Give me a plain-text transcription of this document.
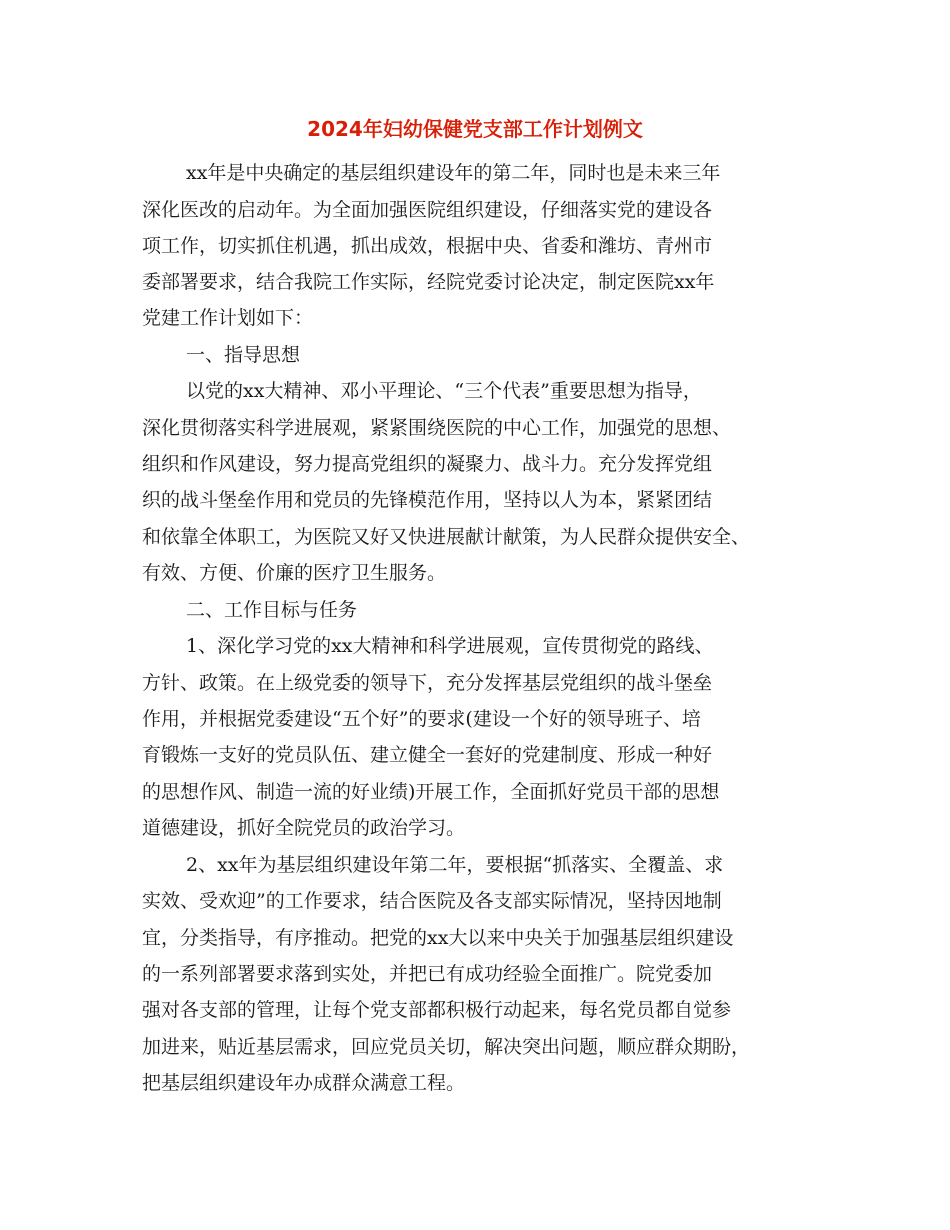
2024年妇幼保健党支部工作计划例文
xx年是中央确定的基层组织建设年的第二年，同时也是未来三年
深化医改的启动年。为全面加强医院组织建设，仔细落实党的建设各
项工作，切实抓住机遇，抓出成效，根据中央、省委和潍坊、青州市
委部署要求，结合我院工作实际，经院党委讨论决定，制定医院xx年
党建工作计划如下：
一、指导思想
以党的xx大精神、邓小平理论、“三个代表”重要思想为指导，
深化贯彻落实科学进展观，紧紧围绕医院的中心工作，加强党的思想、
组织和作风建设，努力提高党组织的凝聚力、战斗力。充分发挥党组
织的战斗堡垒作用和党员的先锋模范作用，坚持以人为本，紧紧团结
和依靠全体职工，为医院又好又快进展献计献策，为人民群众提供安全、
有效、方便、价廉的医疗卫生服务。
二、工作目标与任务
1、深化学习党的xx大精神和科学进展观，宣传贯彻党的路线、
方针、政策。在上级党委的领导下，充分发挥基层党组织的战斗堡垒
作用，并根据党委建设“五个好”的要求(建设一个好的领导班子、培
育锻炼一支好的党员队伍、建立健全一套好的党建制度、形成一种好
的思想作风、制造一流的好业绩)开展工作，全面抓好党员干部的思想
道德建设，抓好全院党员的政治学习。
2、xx年为基层组织建设年第二年，要根据“抓落实、全覆盖、求
实效、受欢迎”的工作要求，结合医院及各支部实际情况，坚持因地制
宜，分类指导，有序推动。把党的xx大以来中央关于加强基层组织建设
的一系列部署要求落到实处，并把已有成功经验全面推广。院党委加
强对各支部的管理，让每个党支部都积极行动起来，每名党员都自觉参
加进来，贴近基层需求，回应党员关切，解决突出问题，顺应群众期盼，
把基层组织建设年办成群众满意工程。
